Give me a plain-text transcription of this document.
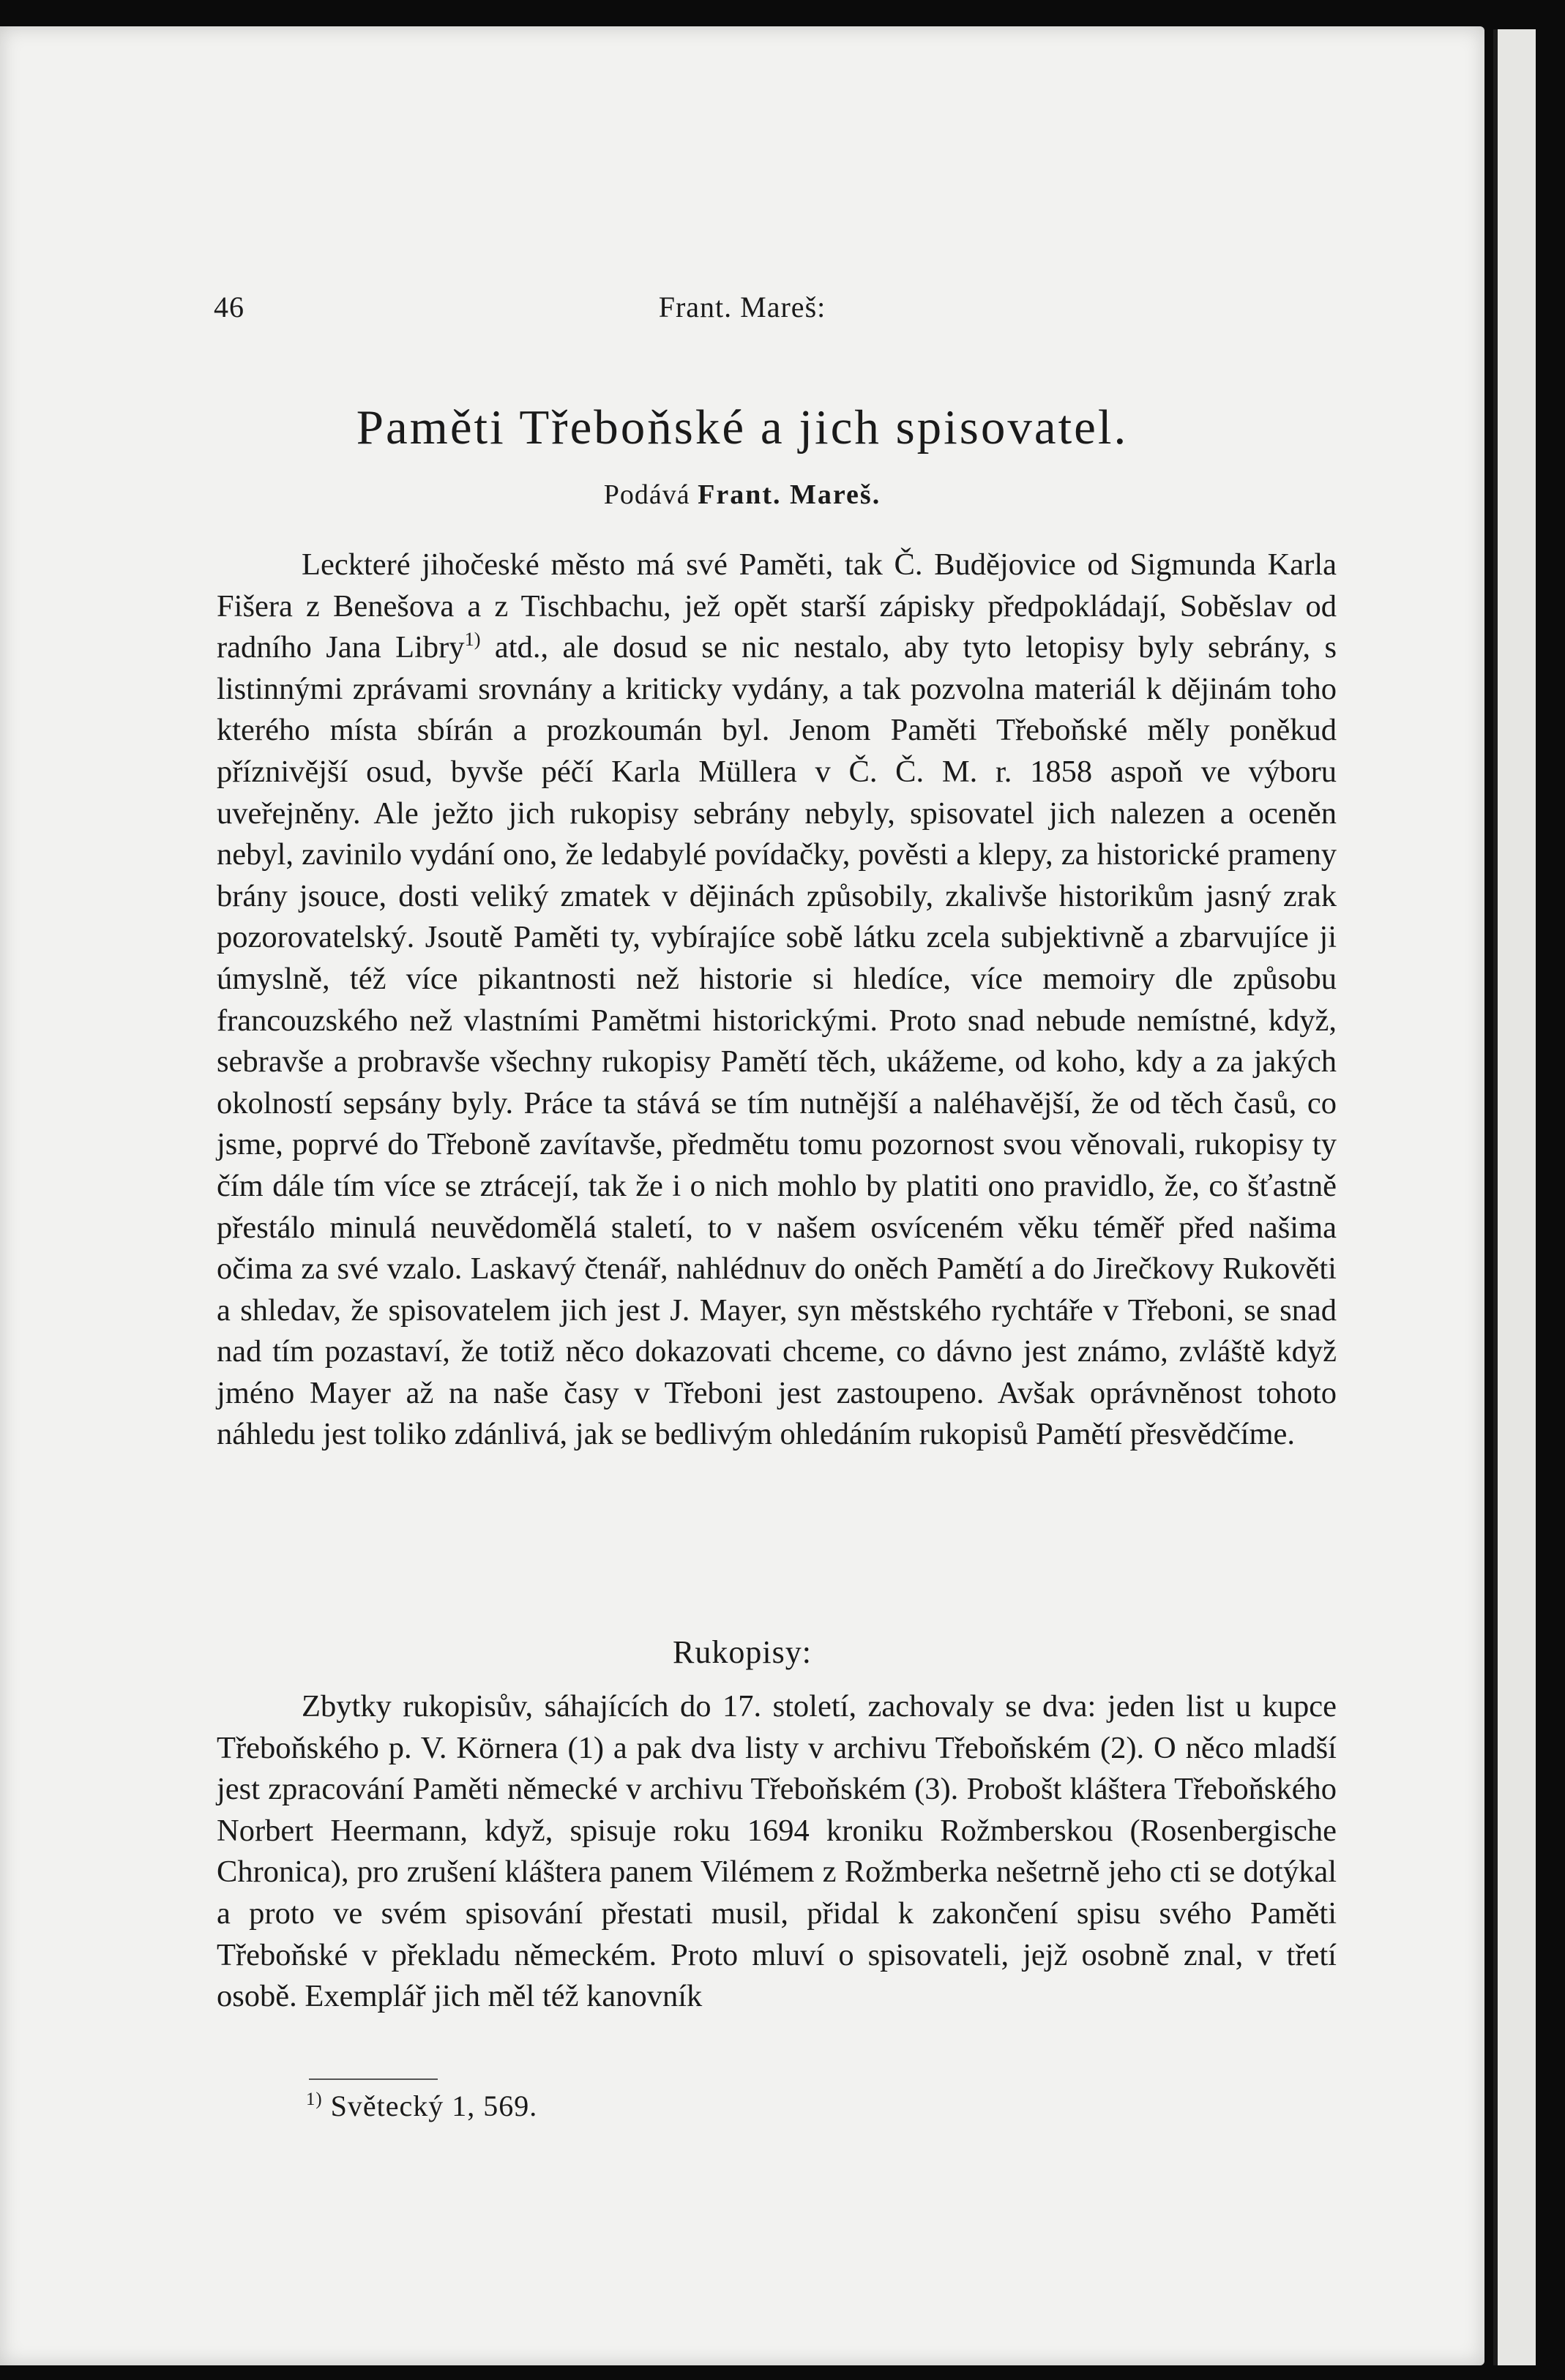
46	Frant. Mareš:
Paměti Třeboňské a jich spisovatel.
Podává Frant. Mareš.

Leckteré jihočeské město má své Paměti, tak Č. Budějovice od Sigmunda Karla Fišera z Benešova a z Tischbachu, jež opět starší zápisky předpokládají, Soběslav od radního Jana Libry$^{1)}$ atd., ale dosud se nic nestalo, aby tyto letopisy byly sebrány, s listinnými zprávami srovnány a kriticky vydány, a tak pozvolna materiál k dějinám toho kterého místa sbírán a prozkoumán byl. Jenom Paměti Třeboňské měly poněkud příznivější osud, byvše péčí Karla Müllera v Č. Č. M. r. 1858 aspoň ve výboru uveřejněny. Ale ježto jich rukopisy sebrány nebyly, spisovatel jich nalezen a oceněn nebyl, zavinilo vydání ono, že ledabylé povídačky, pověsti a klepy, za historické prameny brány jsouce, dosti veliký zmatek v dějinách způsobily, zkalivše historikům jasný zrak pozorovatelský. Jsoutě Paměti ty, vybírajíce sobě látku zcela subjektivně a zbarvujíce ji úmyslně, též více pikantnosti než historie si hledíce, více memoiry dle způsobu francouzského než vlastními Pamětmi historickými. Proto snad nebude nemístné, když, sebravše a probravše všechny rukopisy Pamětí těch, ukážeme, od koho, kdy a za jakých okolností sepsány byly. Práce ta stává se tím nutnější a naléhavější, že od těch časů, co jsme, poprvé do Třeboně zavítavše, předmětu tomu pozornost svou věnovali, rukopisy ty čím dále tím více se ztrácejí, tak že i o nich mohlo by platiti ono pravidlo, že, co šťastně přestálo minulá neuvědomělá staletí, to v našem osvíceném věku téměř před našima očima za své vzalo. Laskavý čtenář, nahlédnuv do oněch Pamětí a do Jirečkovy Rukověti a shledav, že spisovatelem jich jest J. Mayer, syn městského rychtáře v Třeboni, se snad nad tím pozastaví, že totiž něco dokazovati chceme, co dávno jest známo, zvláště když jméno Mayer až na naše časy v Třeboni jest zastoupeno. Avšak oprávněnost tohoto náhledu jest toliko zdánlivá, jak se bedlivým ohledáním rukopisů Pamětí přesvědčíme.

Rukopisy:

Zbytky rukopisův, sáhajících do 17. století, zachovaly se dva: jeden list u kupce Třeboňského p. V. Körnera (1) a pak dva listy v archivu Třeboňském (2). O něco mladší jest zpracování Paměti německé v archivu Třeboňském (3). Probošt kláštera Třeboňského Norbert Heermann, když, spisuje roku 1694 kroniku Rožmberskou (Rosenbergische Chronica), pro zrušení kláštera panem Vilémem z Rožmberka nešetrně jeho cti se dotýkal a proto ve svém spisování přestati musil, přidal k zakončení spisu svého Paměti Třeboňské v překladu německém. Proto mluví o spisovateli, jejž osobně znal, v třetí osobě. Exemplář jich měl též kanovník

$^{1)}$ Světecký 1, 569.
